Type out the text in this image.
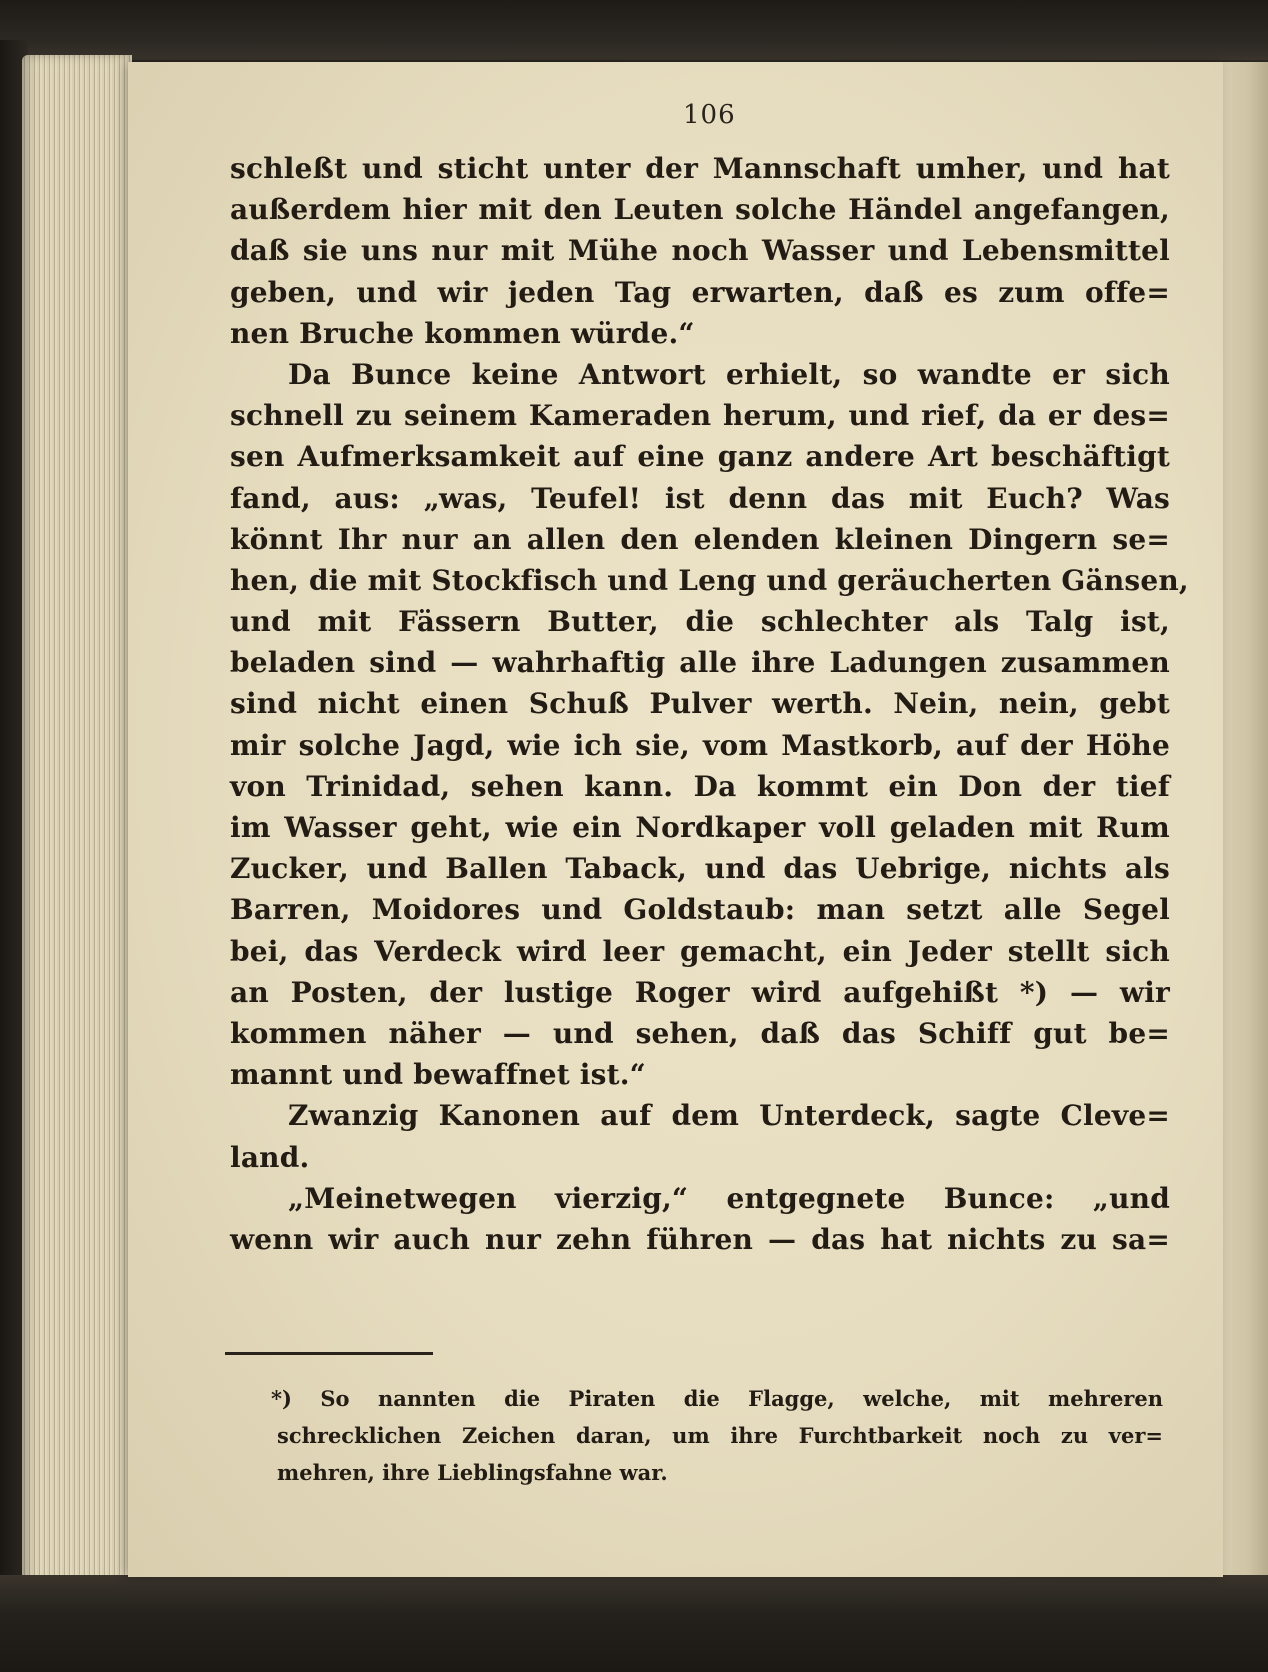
106
schleßt und sticht unter der Mannschaft umher, und hat
außerdem hier mit den Leuten solche Händel angefangen,
daß sie uns nur mit Mühe noch Wasser und Lebensmittel
geben, und wir jeden Tag erwarten, daß es zum offe=
nen Bruche kommen würde.“
Da Bunce keine Antwort erhielt, so wandte er sich
schnell zu seinem Kameraden herum, und rief, da er des=
sen Aufmerksamkeit auf eine ganz andere Art beschäftigt
fand, aus: „was, Teufel! ist denn das mit Euch? Was
könnt Ihr nur an allen den elenden kleinen Dingern se=
hen, die mit Stockfisch und Leng und geräucherten Gänsen,
und mit Fässern Butter, die schlechter als Talg ist,
beladen sind — wahrhaftig alle ihre Ladungen zusammen
sind nicht einen Schuß Pulver werth. Nein, nein, gebt
mir solche Jagd, wie ich sie, vom Mastkorb, auf der Höhe
von Trinidad, sehen kann. Da kommt ein Don der tief
im Wasser geht, wie ein Nordkaper voll geladen mit Rum
Zucker, und Ballen Taback, und das Uebrige, nichts als
Barren, Moidores und Goldstaub: man setzt alle Segel
bei, das Verdeck wird leer gemacht, ein Jeder stellt sich
an Posten, der lustige Roger wird aufgehißt *) — wir
kommen näher — und sehen, daß das Schiff gut be=
mannt und bewaffnet ist.“
Zwanzig Kanonen auf dem Unterdeck, sagte Cleve=
land.
„Meinetwegen vierzig,“ entgegnete Bunce: „und
wenn wir auch nur zehn führen — das hat nichts zu sa=
*) So nannten die Piraten die Flagge, welche, mit mehreren
schrecklichen Zeichen daran, um ihre Furchtbarkeit noch zu ver=
mehren, ihre Lieblingsfahne war.
